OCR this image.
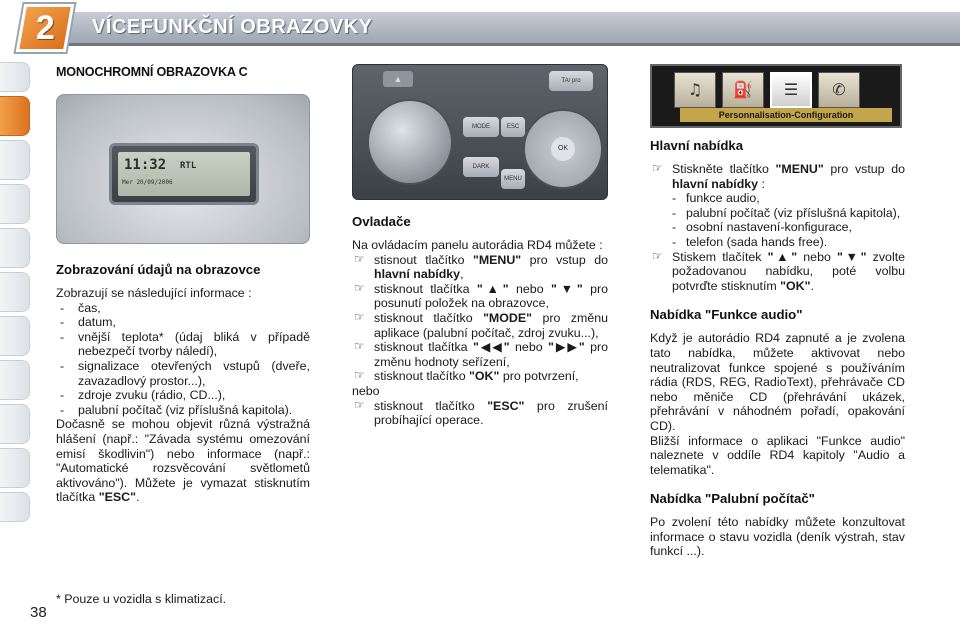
2 VÍCEFUNKČNÍ OBRAZOVKY
MONOCHROMNÍ OBRAZOVKA C
11:32 RTL
Mer 20/09/2006
Zobrazování údajů na obrazovce

Zobrazují se následující informace :

- čas,
- datum,
- vnější teplota* (údaj bliká v případě nebezpečí tvorby náledí),
- signalizace otevřených vstupů (dveře, zavazadlový prostor...),
- zdroje zvuku (rádio, CD...),
- palubní počítač (viz příslušná kapitola).

Dočasně se mohou objevit různá výstražná hlášení (např.: "Závada systému omezování emisí škodlivin") nebo informace (např.: "Automatické rozsvěcování světlometů aktivováno"). Můžete je vymazat stisknutím tlačítka "ESC".

* Pouze u vozidla s klimatizací.
▲	TA/ pro
MODE
DARK
ESC
MENU
OK
Ovladače

Na ovládacím panelu autorádia RD4 můžete :

☞ stisnout tlačítko "MENU" pro vstup do hlavní nabídky,
☞ stisknout tlačítka "▲" nebo "▼" pro posunutí položek na obrazovce,
☞ stisknout tlačítko "MODE" pro změnu aplikace (palubní počítač, zdroj zvuku...),
☞ stisknout tlačítka "◀◀" nebo "▶▶" pro změnu hodnoty seřízení,
☞ stisknout tlačítko "OK" pro potvrzení,

nebo

☞ stisknout tlačítko "ESC" pro zrušení probíhající operace.
♫	⛽	☰	✆
Personnalisation-Configuration
Hlavní nabídka
☞ Stiskněte tlačítko "MENU" pro vstup do hlavní nabídky :
- funkce audio,
- palubní počítač (viz příslušná kapitola),
- osobní nastavení-konfigurace,
- telefon (sada hands free).
☞ Stiskem tlačítek "▲" nebo "▼" zvolte požadovanou nabídku, poté volbu potvrďte stisknutím "OK".
Nabídka "Funkce audio"

Když je autorádio RD4 zapnuté a je zvolena tato nabídka, můžete aktivovat nebo neutralizovat funkce spojené s používáním rádia (RDS, REG, RadioText), přehrávače CD nebo měniče CD (přehrávání ukázek, přehrávání v náhodném pořadí, opakování CD).

Bližší informace o aplikaci "Funkce audio" naleznete v oddíle RD4 kapitoly "Audio a telematika".

Nabídka "Palubní počítač"

Po zvolení této nabídky můžete konzultovat informace o stavu vozidla (deník výstrah, stav funkcí ...).

38
